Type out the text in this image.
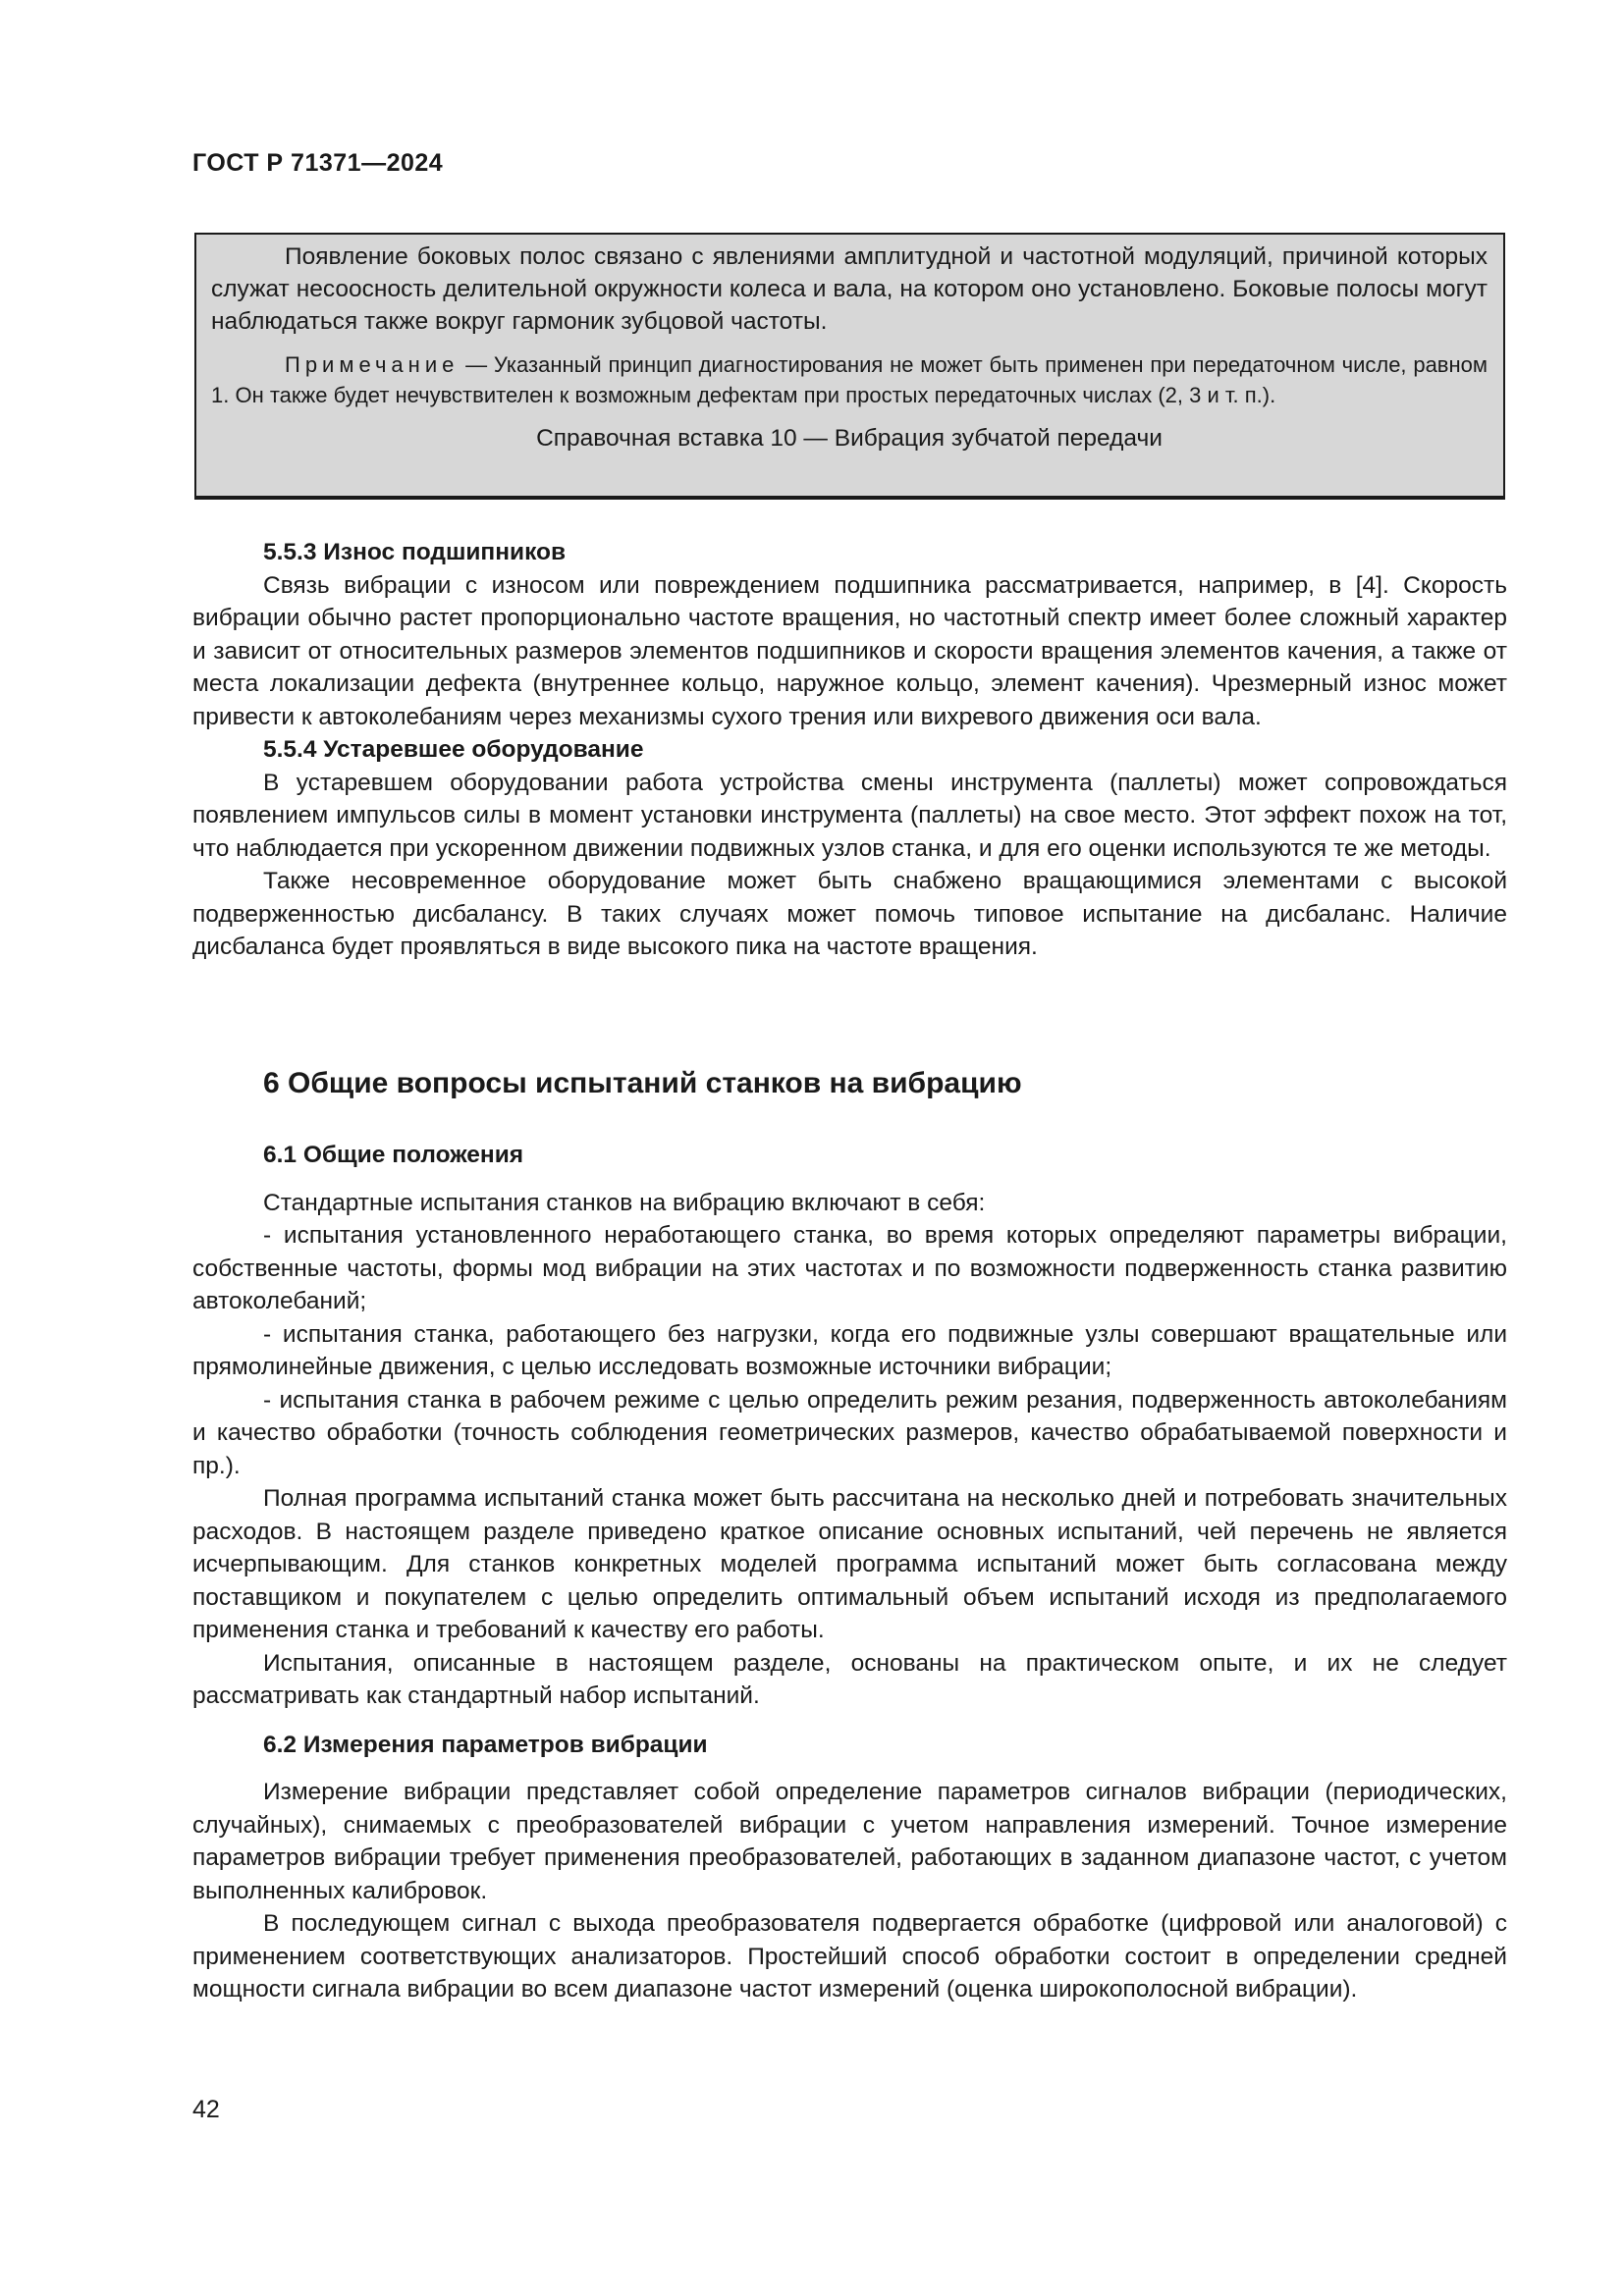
ГОСТ Р 71371—2024

Появление боковых полос связано с явлениями амплитудной и частотной модуляций, причиной которых служат несоосность делительной окружности колеса и вала, на котором оно установлено. Боковые полосы могут наблюдаться также вокруг гармоник зубцовой частоты.

Примечание — Указанный принцип диагностирования не может быть применен при передаточном числе, равном 1. Он также будет нечувствителен к возможным дефектам при простых передаточных числах (2, 3 и т. п.).

Справочная вставка 10 — Вибрация зубчатой передачи

5.5.3 Износ подшипников

Связь вибрации с износом или повреждением подшипника рассматривается, например, в [4]. Скорость вибрации обычно растет пропорционально частоте вращения, но частотный спектр имеет более сложный характер и зависит от относительных размеров элементов подшипников и скорости вращения элементов качения, а также от места локализации дефекта (внутреннее кольцо, наружное кольцо, элемент качения). Чрезмерный износ может привести к автоколебаниям через механизмы сухого трения или вихревого движения оси вала.

5.5.4 Устаревшее оборудование

В устаревшем оборудовании работа устройства смены инструмента (паллеты) может сопровождаться появлением импульсов силы в момент установки инструмента (паллеты) на свое место. Этот эффект похож на тот, что наблюдается при ускоренном движении подвижных узлов станка, и для его оценки используются те же методы.

Также несовременное оборудование может быть снабжено вращающимися элементами с высокой подверженностью дисбалансу. В таких случаях может помочь типовое испытание на дисбаланс. Наличие дисбаланса будет проявляться в виде высокого пика на частоте вращения.

6 Общие вопросы испытаний станков на вибрацию
6.1 Общие положения

Стандартные испытания станков на вибрацию включают в себя:

- испытания установленного неработающего станка, во время которых определяют параметры вибрации, собственные частоты, формы мод вибрации на этих частотах и по возможности подверженность станка развитию автоколебаний;

- испытания станка, работающего без нагрузки, когда его подвижные узлы совершают вращательные или прямолинейные движения, с целью исследовать возможные источники вибрации;

- испытания станка в рабочем режиме с целью определить режим резания, подверженность автоколебаниям и качество обработки (точность соблюдения геометрических размеров, качество обрабатываемой поверхности и пр.).

Полная программа испытаний станка может быть рассчитана на несколько дней и потребовать значительных расходов. В настоящем разделе приведено краткое описание основных испытаний, чей перечень не является исчерпывающим. Для станков конкретных моделей программа испытаний может быть согласована между поставщиком и покупателем с целью определить оптимальный объем испытаний исходя из предполагаемого применения станка и требований к качеству его работы.

Испытания, описанные в настоящем разделе, основаны на практическом опыте, и их не следует рассматривать как стандартный набор испытаний.

6.2 Измерения параметров вибрации

Измерение вибрации представляет собой определение параметров сигналов вибрации (периодических, случайных), снимаемых с преобразователей вибрации с учетом направления измерений. Точное измерение параметров вибрации требует применения преобразователей, работающих в заданном диапазоне частот, с учетом выполненных калибровок.

В последующем сигнал с выхода преобразователя подвергается обработке (цифровой или аналоговой) с применением соответствующих анализаторов. Простейший способ обработки состоит в определении средней мощности сигнала вибрации во всем диапазоне частот измерений (оценка широкополосной вибрации).

42
